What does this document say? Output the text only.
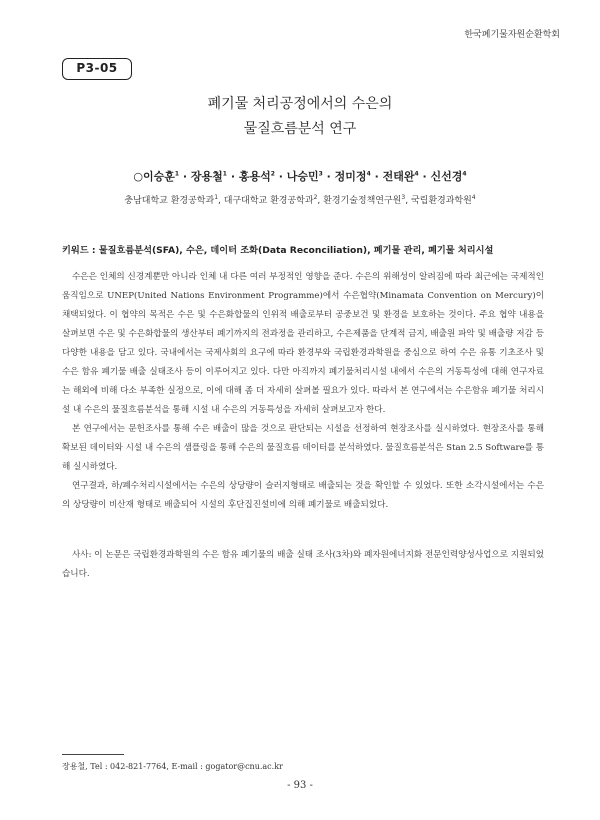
한국폐기물자원순환학회
P3-05
폐기물 처리공정에서의 수은의
물질흐름분석 연구
○이승훈$^1$ · 장용철$^1$ · 홍용석$^2$ · 나승민$^3$ · 정미정$^4$ · 전태완$^4$ · 신선경$^4$
충남대학교 환경공학과$^1$, 대구대학교 환경공학과$^2$, 환경기술정책연구원$^3$, 국립환경과학원$^4$
키워드 : 물질흐름분석(SFA), 수은, 데이터 조화(Data Reconciliation), 폐기물 관리, 폐기물 처리시설

수은은 인체의 신경계뿐만 아니라 인체 내 다른 여러 부정적인 영향을 준다. 수은의 위해성이 알려짐에 따라 최근에는 국제적인 움직임으로 UNEP(United Nations Environment Programme)에서 수은협약(Minamata Convention on Mercury)이 채택되었다. 이 협약의 목적은 수은 및 수은화합물의 인위적 배출로부터 공중보건 및 환경을 보호하는 것이다. 주요 협약 내용을 살펴보면 수은 및 수은화합물의 생산부터 폐기까지의 전과정을 관리하고, 수은제품을 단계적 금지, 배출원 파악 및 배출량 저감 등 다양한 내용을 담고 있다. 국내에서는 국제사회의 요구에 따라 환경부와 국립환경과학원을 중심으로 하여 수은 유통 기초조사 및 수은 함유 폐기물 배출 실태조사 등이 이루어지고 있다. 다만 아직까지 폐기물처리시설 내에서 수은의 거동특성에 대해 연구자료는 해외에 비해 다소 부족한 실정으로, 이에 대해 좀 더 자세히 살펴볼 필요가 있다. 따라서 본 연구에서는 수은함유 폐기물 처리시설 내 수은의 물질흐름분석을 통해 시설 내 수은의 거동특성을 자세히 살펴보고자 한다.

본 연구에서는 문헌조사를 통해 수은 배출이 많을 것으로 판단되는 시설을 선정하여 현장조사를 실시하였다. 현장조사를 통해 확보된 데이터와 시설 내 수은의 샘플링을 통해 수은의 물질흐름 데이터를 분석하였다. 물질흐름분석은 Stan 2.5 Software를 통해 실시하였다.

연구결과, 하/폐수처리시설에서는 수은의 상당량이 슬러지형태로 배출되는 것을 확인할 수 있었다. 또한 소각시설에서는 수은의 상당량이 비산재 형태로 배출되어 시설의 후단집진설비에 의해 폐기물로 배출되었다.

사사: 이 논문은 국립환경과학원의 수은 함유 폐기물의 배출 실태 조사(3차)와 폐자원에너지화 전문인력양성사업으로 지원되었습니다.
장용철, Tel : 042-821-7764, E-mail : gogator@cnu.ac.kr
- 93 -
